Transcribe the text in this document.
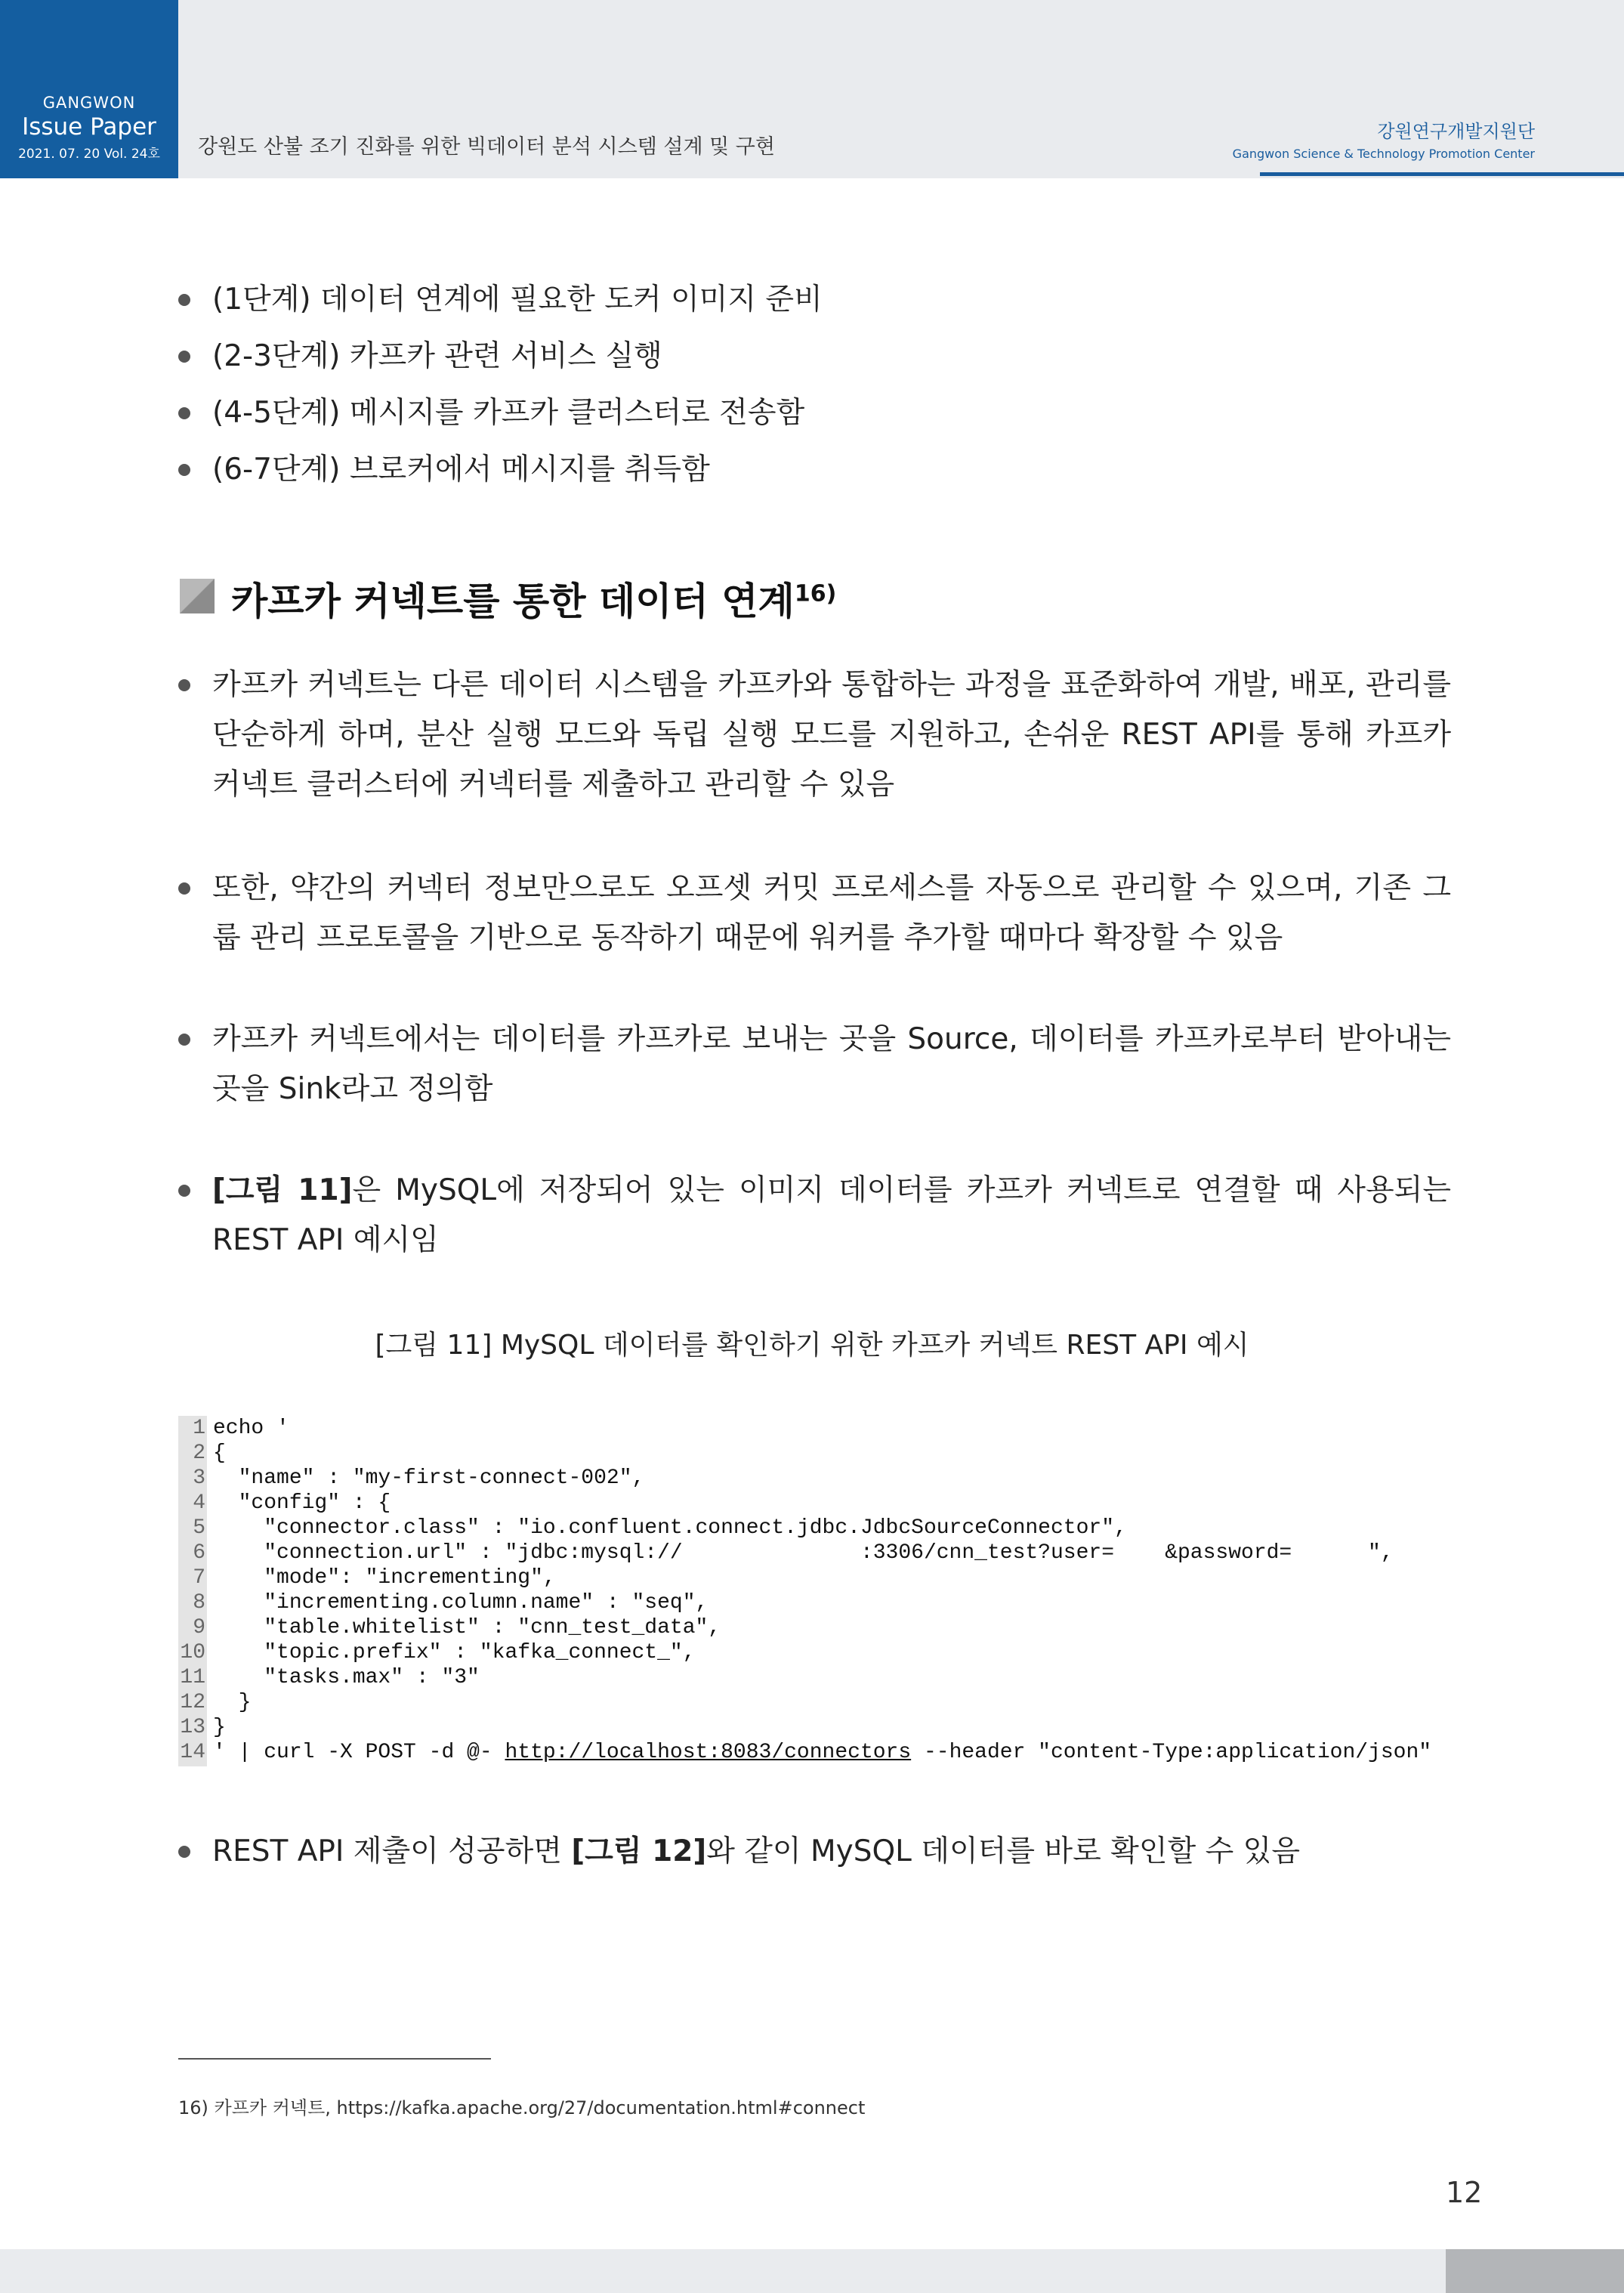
GANGWON
Issue Paper
2021. 07. 20 Vol. 24호	강원도 산불 조기 진화를 위한 빅데이터 분석 시스템 설계 및 구현
강원연구개발지원단
Gangwon Science & Technology Promotion Center
(1단계) 데이터 연계에 필요한 도커 이미지 준비
(2-3단계) 카프카 관련 서비스 실행
(4-5단계) 메시지를 카프카 클러스터로 전송함
(6-7단계) 브로커에서 메시지를 취득함
카프카 커넥트를 통한 데이터 연계$^{16)}$
카프카 커넥트는 다른 데이터 시스템을 카프카와 통합하는 과정을 표준화하여 개발, 배포, 관리를 단순하게 하며, 분산 실행 모드와 독립 실행 모드를 지원하고, 손쉬운 REST API를 통해 카프카 커넥트 클러스터에 커넥터를 제출하고 관리할 수 있음
또한, 약간의 커넥터 정보만으로도 오프셋 커밋 프로세스를 자동으로 관리할 수 있으며, 기존 그룹 관리 프로토콜을 기반으로 동작하기 때문에 워커를 추가할 때마다 확장할 수 있음
카프카 커넥트에서는 데이터를 카프카로 보내는 곳을 Source, 데이터를 카프카로부터 받아내는 곳을 Sink라고 정의함
[그림 11]은 MySQL에 저장되어 있는 이미지 데이터를 카프카 커넥트로 연결할 때 사용되는 REST API 예시임
[그림 11] MySQL 데이터를 확인하기 위한 카프카 커넥트 REST API 예시
1 echo '
2 {
3  "name" : "my-first-connect-002",
4  "config" : {
5    "connector.class" : "io.confluent.connect.jdbc.JdbcSourceConnector",
6    "connection.url" : "jdbc:mysql://              :3306/cnn_test?user=    &password=      ",
7    "mode": "incrementing",
8    "incrementing.column.name" : "seq",
9    "table.whitelist" : "cnn_test_data",
10    "topic.prefix" : "kafka_connect_",
11    "tasks.max" : "3"
12  }
13 }
14 ' | curl -X POST -d @- http://localhost:8083/connectors --header "content-Type:application/json"
REST API 제출이 성공하면 [그림 12]와 같이 MySQL 데이터를 바로 확인할 수 있음
16) 카프카 커넥트, https://kafka.apache.org/27/documentation.html#connect
12
